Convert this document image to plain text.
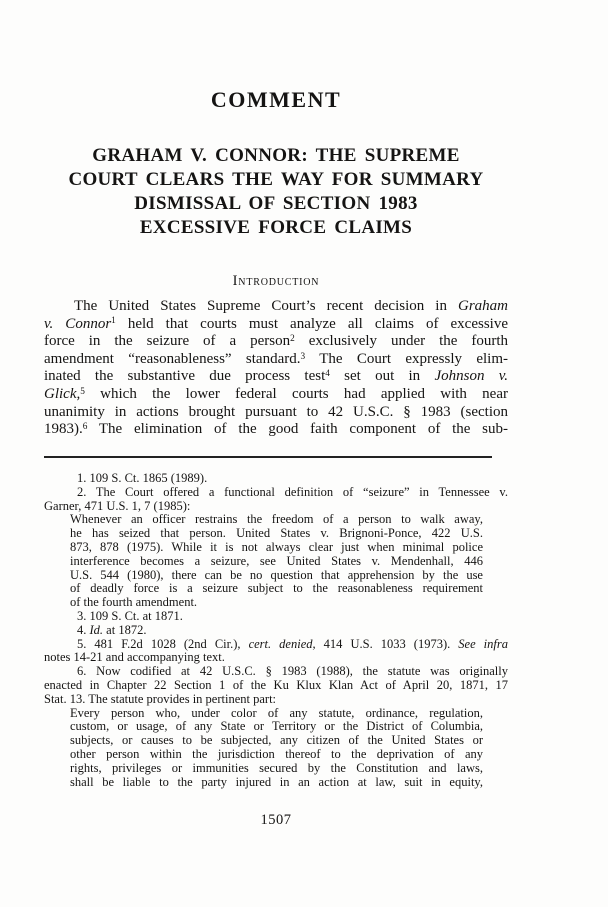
COMMENT
GRAHAM V. CONNOR: THE SUPREME
COURT CLEARS THE WAY FOR SUMMARY
DISMISSAL OF SECTION 1983
EXCESSIVE FORCE CLAIMS
Introduction
The United States Supreme Court’s recent decision in Graham
v. Connor$^1$ held that courts must analyze all claims of excessive
force in the seizure of a person$^2$ exclusively under the fourth
amendment “reasonableness” standard.$^3$ The Court expressly elim-
inated the substantive due process test$^4$ set out in Johnson v.
Glick,$^5$ which the lower federal courts had applied with near
unanimity in actions brought pursuant to 42 U.S.C. § 1983 (section
1983).$^6$ The elimination of the good faith component of the sub-
1. 109 S. Ct. 1865 (1989).
2. The Court offered a functional definition of “seizure” in Tennessee v.
Garner, 471 U.S. 1, 7 (1985):
Whenever an officer restrains the freedom of a person to walk away,
he has seized that person. United States v. Brignoni-Ponce, 422 U.S.
873, 878 (1975). While it is not always clear just when minimal police
interference becomes a seizure, see United States v. Mendenhall, 446
U.S. 544 (1980), there can be no question that apprehension by the use
of deadly force is a seizure subject to the reasonableness requirement
of the fourth amendment.
3. 109 S. Ct. at 1871.
4. Id. at 1872.
5. 481 F.2d 1028 (2nd Cir.), cert. denied, 414 U.S. 1033 (1973). See infra
notes 14-21 and accompanying text.
6. Now codified at 42 U.S.C. § 1983 (1988), the statute was originally
enacted in Chapter 22 Section 1 of the Ku Klux Klan Act of April 20, 1871, 17
Stat. 13. The statute provides in pertinent part:
Every person who, under color of any statute, ordinance, regulation,
custom, or usage, of any State or Territory or the District of Columbia,
subjects, or causes to be subjected, any citizen of the United States or
other person within the jurisdiction thereof to the deprivation of any
rights, privileges or immunities secured by the Constitution and laws,
shall be liable to the party injured in an action at law, suit in equity,
1507
